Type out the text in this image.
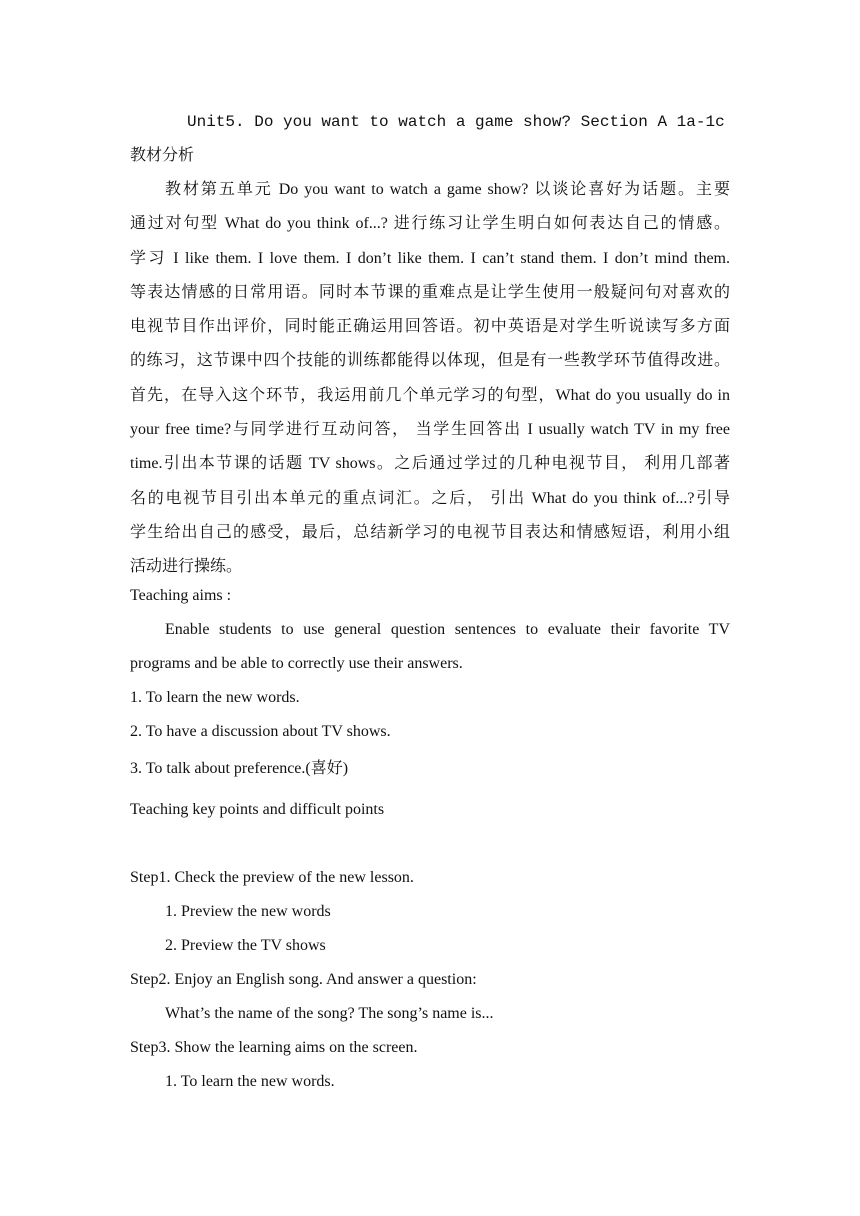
Unit5. Do you want to watch a game show? Section A 1a-1c
教材分析
教材第五单元 Do you want to watch a game show? 以谈论喜好为话题。主要
通过对句型 What do you think of...? 进行练习让学生明白如何表达自己的情感。
学习 I like them. I love them. I don’t like them. I can’t stand them. I don’t mind them.
等表达情感的日常用语。同时本节课的重难点是让学生使用一般疑问句对喜欢的
电视节目作出评价，同时能正确运用回答语。初中英语是对学生听说读写多方面
的练习，这节课中四个技能的训练都能得以体现，但是有一些教学环节值得改进。
首先，在导入这个环节，我运用前几个单元学习的句型，What do you usually do in
your free time?与同学进行互动问答， 当学生回答出 I usually watch TV in my free
time.引出本节课的话题 TV shows。之后通过学过的几种电视节目， 利用几部著
名的电视节目引出本单元的重点词汇。之后， 引出 What do you think of...?引导
学生给出自己的感受，最后，总结新学习的电视节目表达和情感短语，利用小组
活动进行操练。
Teaching aims :
Enable students to use general question sentences to evaluate their favorite TV
programs and be able to correctly use their answers.
1. To learn the new words.
2. To have a discussion about TV shows.
3. To talk about preference.(喜好)
Teaching key points and difficult points
Step1. Check the preview of the new lesson.
1. Preview the new words
2. Preview the TV shows
Step2. Enjoy an English song. And answer a question:
What’s the name of the song? The song’s name is...
Step3. Show the learning aims on the screen.
1. To learn the new words.
